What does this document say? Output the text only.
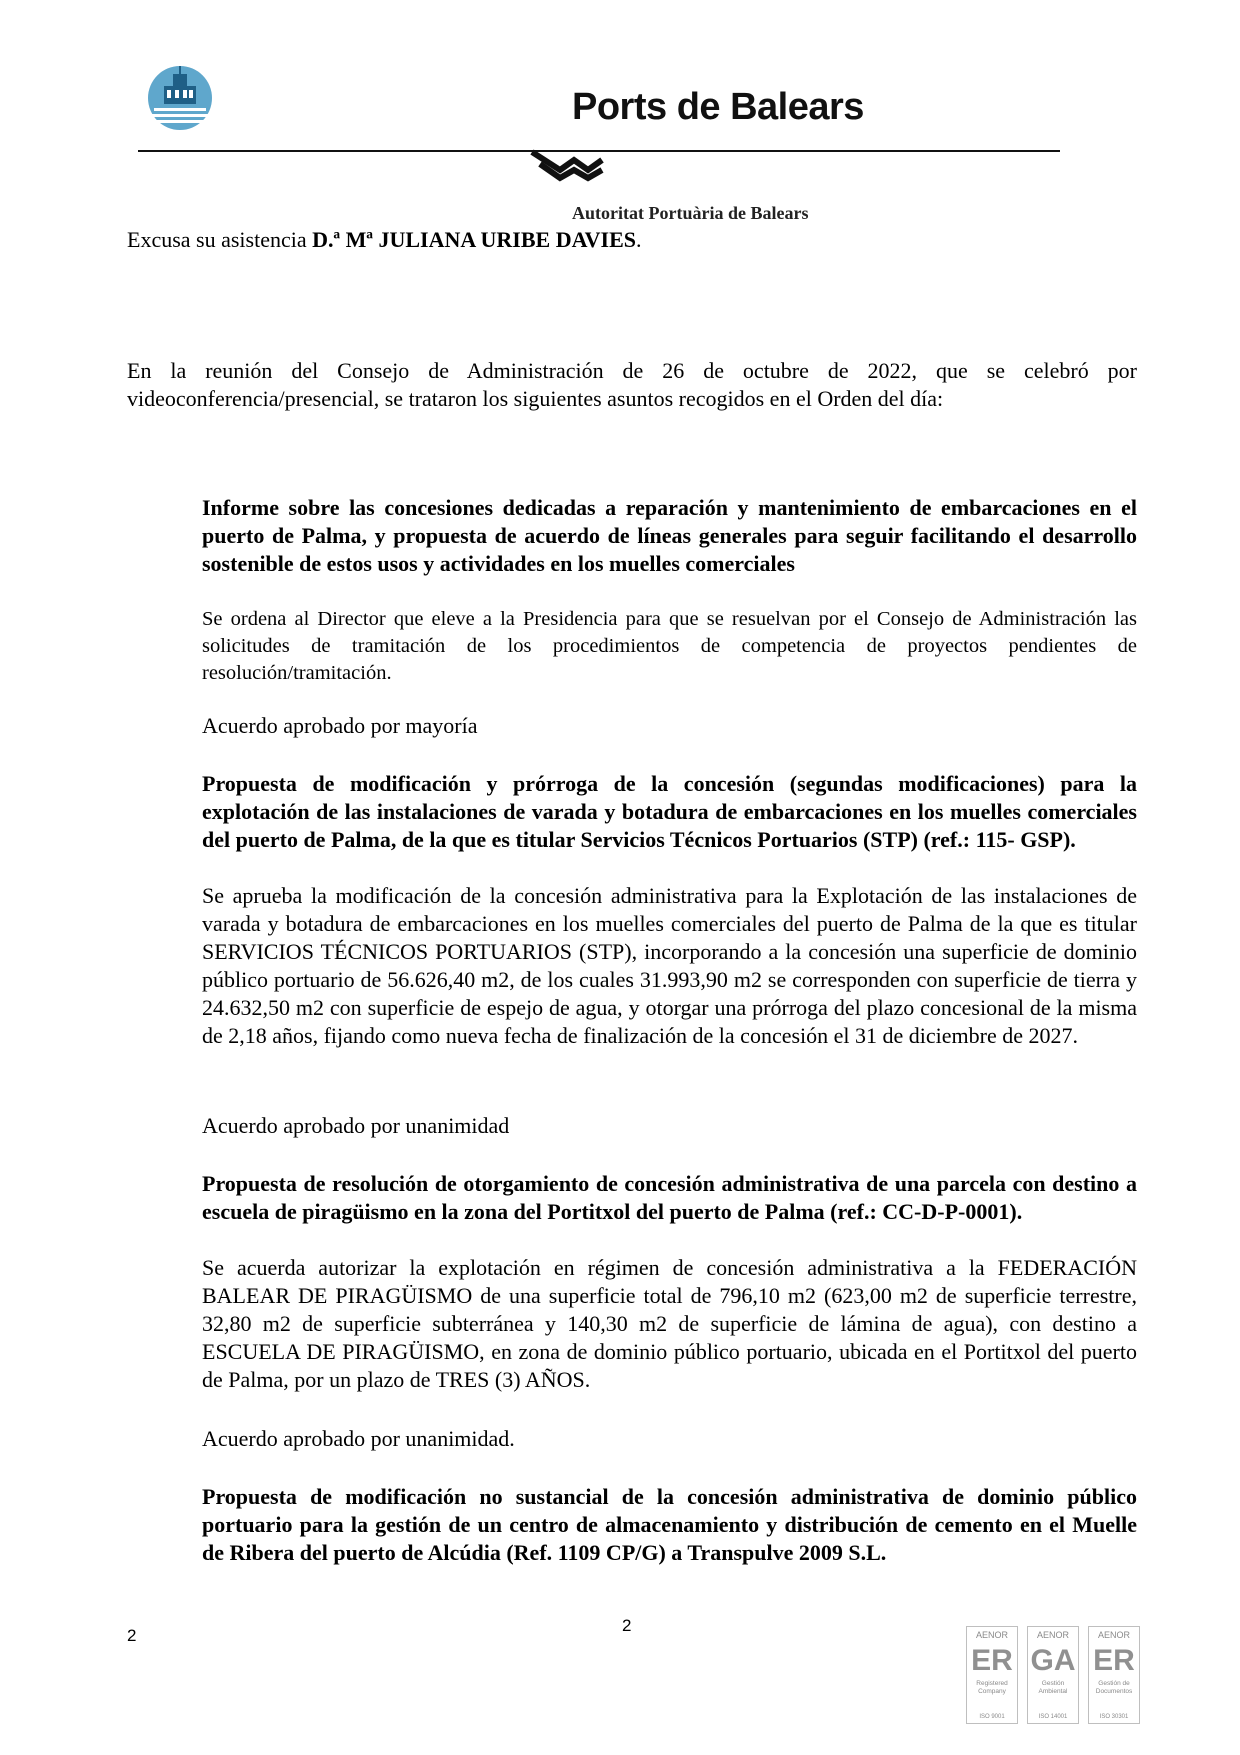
Ports de Balears
Autoritat Portuària de Balears
Excusa su asistencia D.ª Mª JULIANA URIBE DAVIES.
En la reunión del Consejo de Administración de 26 de octubre de 2022, que se celebró por videoconferencia/presencial, se trataron los siguientes asuntos recogidos en el Orden del día:
Informe sobre las concesiones dedicadas a reparación y mantenimiento de embarcaciones en el puerto de Palma, y propuesta de acuerdo de líneas generales para seguir facilitando el desarrollo sostenible de estos usos y actividades en los muelles comerciales
Se ordena al Director que eleve a la Presidencia para que se resuelvan por el Consejo de Administración las solicitudes de tramitación de los procedimientos de competencia de proyectos pendientes de resolución/tramitación.
Acuerdo aprobado por mayoría
Propuesta de modificación y prórroga de la concesión (segundas modificaciones) para la explotación de las instalaciones de varada y botadura de embarcaciones en los muelles comerciales del puerto de Palma, de la que es titular Servicios Técnicos Portuarios (STP) (ref.: 115- GSP).
Se aprueba la modificación de la concesión administrativa para la Explotación de las instalaciones de varada y botadura de embarcaciones en los muelles comerciales del puerto de Palma de la que es titular SERVICIOS TÉCNICOS PORTUARIOS (STP), incorporando a la concesión una superficie de dominio público portuario de 56.626,40 m2, de los cuales 31.993,90 m2 se corresponden con superficie de tierra y 24.632,50 m2 con superficie de espejo de agua, y otorgar una prórroga del plazo concesional de la misma de 2,18 años, fijando como nueva fecha de finalización de la concesión el 31 de diciembre de 2027.
Acuerdo aprobado por unanimidad
Propuesta de resolución de otorgamiento de concesión administrativa de una parcela con destino a escuela de piragüismo en la zona del Portitxol del puerto de Palma (ref.: CC-D-P-0001).
Se acuerda autorizar la explotación en régimen de concesión administrativa a la FEDERACIÓN BALEAR DE PIRAGÜISMO de una superficie total de 796,10 m2 (623,00 m2 de superficie terrestre, 32,80 m2 de superficie subterránea y 140,30 m2 de superficie de lámina de agua), con destino a ESCUELA DE PIRAGÜISMO, en zona de dominio público portuario, ubicada en el Portitxol del puerto de Palma, por un plazo de TRES (3) AÑOS.
Acuerdo aprobado por unanimidad.
Propuesta de modificación no sustancial de la concesión administrativa de dominio público portuario para la gestión de un centro de almacenamiento y distribución de cemento en el Muelle de Ribera del puerto de Alcúdia (Ref. 1109 CP/G) a Transpulve 2009 S.L.
2
2	AENOR
ER
Registered Company
ISO 9001
AENOR
GA
Gestión Ambiental
ISO 14001
AENOR
ER
Gestión de Documentos
ISO 30301
